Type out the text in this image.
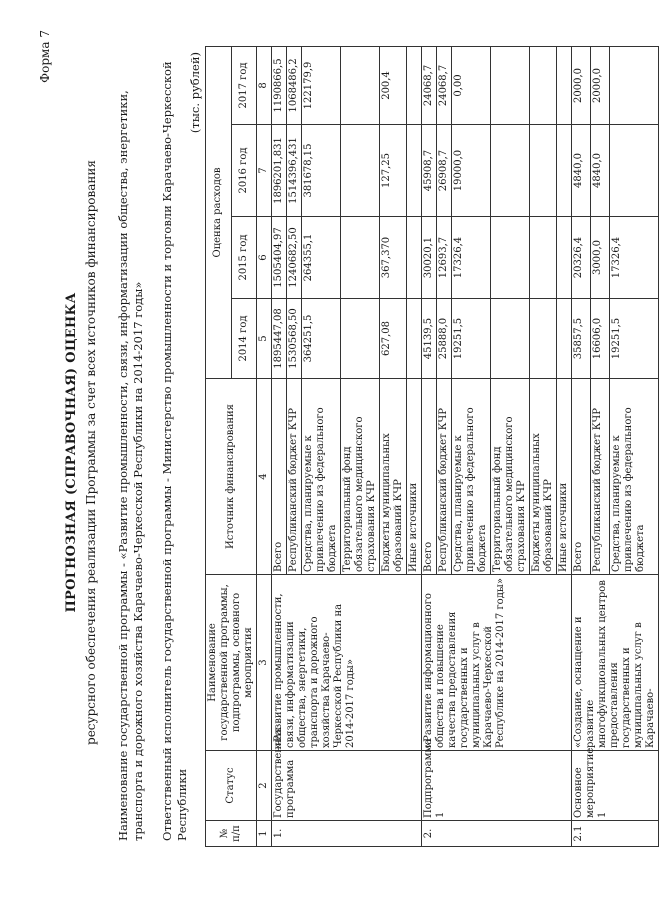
Форма 7
ПРОГНОЗНАЯ (СПРАВОЧНАЯ) ОЦЕНКА ресурсного обеспечения реализации Программы за счет всех источников финансирования Наименование государственной программы - «Развитие промышленности, связи, информатизации общества, энергетики, транспорта и дорожного хозяйства Карачаево-Черкесской Республики на 2014-2017 годы» Ответственный исполнитель государственной программы - Министерство промышленности и торговли Карачаево-Черкесской Республики
(тыс. рублей)
№ п/п	Статус	Наименование государственной программы, подпрограммы, основного мероприятия	Источник финансирования	Оценка расходов			
				2014 год	2015 год	2016 год	2017 год
1	2	3	4	5	6	7	8
1.	Государственная программа	«Развитие промышленности, связи, информатизации общества, энергетики, транспорта и дорожного хозяйства Карачаево-Черкесской Республики на 2014-2017 годы»	Всего	1895447,08	1505404,97	1896201,831	1190866,5
			Республиканский бюджет КЧР	1530568,50	1240682,50	1514396,431	1068486,2
			Средства, планируемые к привлечению из федерального бюджета	364251,5	264355,1	381678,15	122179,9
			Территориальный фонд обязательного медицинского страхования КЧР				
			Бюджеты муниципальных образований КЧР	627,08	367,370	127,25	200,4
			Иные источники				
2.	Подпрограмма 1	«Развитие информационного общества и повышение качества предоставления государственных и муниципальных услуг в Карачаево-Черкесской Республике на 2014-2017 годы»	Всего	45139,5	30020,1	45908,7	24068,7
			Республиканский бюджет КЧР	25888,0	12693,7	26908,7	24068,7
			Средства, планируемые к привлечению из федерального бюджета	19251,5	17326,4	19000,0	0,00
			Территориальный фонд обязательного медицинского страхования КЧР				
			Бюджеты муниципальных образований КЧР				
			Иные источники				
2.1	Основное мероприятие 1	«Создание, оснащение и развитие многофункциональных центров предоставления государственных и муниципальных услуг в Карачаево-	Всего	35857,5	20326,4	4840,0	2000,0
			Республиканский бюджет КЧР	16606,0	3000,0	4840,0	2000,0
			Средства, планируемые к привлечению из федерального бюджета	19251,5	17326,4		
